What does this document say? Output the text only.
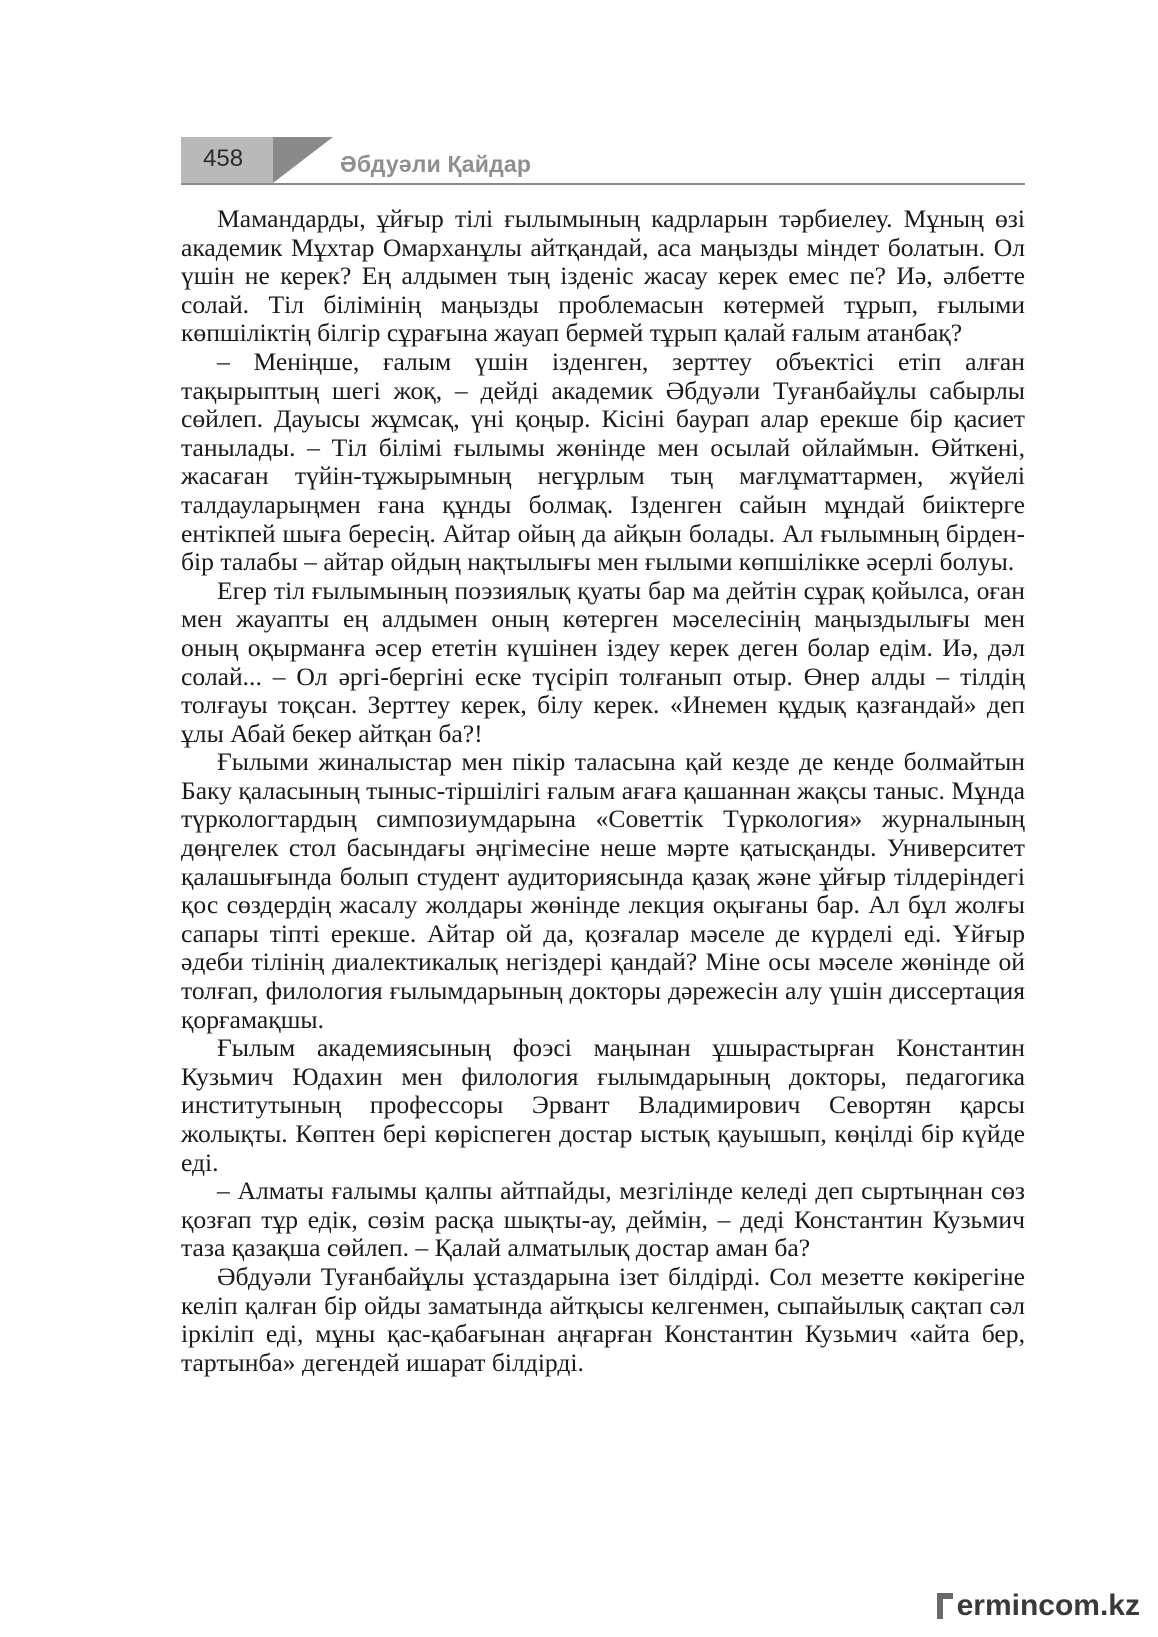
458	Әбдуәли Қайдар

Мамандарды, ұйғыр тілі ғылымының кадрларын тәрбиелеу. Мұның өзі академик Мұхтар Омарханұлы айтқандай, аса маңызды міндет болатын. Ол үшін не керек? Ең алдымен тың ізденіс жасау керек емес пе? Иә, әлбетте солай. Тіл білімінің маңызды проблемасын көтермей тұрып, ғылыми көпшіліктің білгір сұрағына жауап бермей тұрып қалай ғалым атанбақ?

– Меніңше, ғалым үшін ізденген, зерттеу объектісі етіп алған тақырыптың шегі жоқ, – дейді академик Әбдуәли Туғанбайұлы сабырлы сөйлеп. Дауысы жұмсақ, үні қоңыр. Кісіні баурап алар ерекше бір қасиет танылады. – Тіл білімі ғылымы жөнінде мен осылай ойлаймын. Өйткені, жасаған түйін-тұжырымның негұрлым тың мағлұматтармен, жүйелі талдауларыңмен ғана құнды болмақ. Ізденген сайын мұндай биіктерге ентікпей шыға бересің. Айтар ойың да айқын болады. Ал ғылымның бірден-бір талабы – айтар ойдың нақтылығы мен ғылыми көпшілікке әсерлі болуы.

Егер тіл ғылымының поэзиялық қуаты бар ма дейтін сұрақ қойылса, оған мен жауапты ең алдымен оның көтерген мәселесінің маңыздылығы мен оның оқырманға әсер ететін күшінен іздеу керек деген болар едім. Иә, дәл солай... – Ол әргі-бергіні еске түсіріп толғанып отыр. Өнер алды – тілдің толғауы тоқсан. Зерттеу керек, білу керек. «Инемен құдық қазғандай» деп ұлы Абай бекер айтқан ба?!

Ғылыми жиналыстар мен пікір таласына қай кезде де кенде болмайтын Баку қаласының тыныс-тіршілігі ғалым ағаға қашаннан жақсы таныс. Мұнда түркологтардың симпозиумдарына «Советтік Түркология» журналының дөңгелек стол басындағы әңгімесіне неше мәрте қатысқанды. Университет қалашығында болып студент аудиториясында қазақ және ұйғыр тілдеріндегі қос сөздердің жасалу жолдары жөнінде лекция оқығаны бар. Ал бұл жолғы сапары тіпті ерекше. Айтар ой да, қозғалар мәселе де күрделі еді. Ұйғыр әдеби тілінің диалектикалық негіздері қандай? Міне осы мәселе жөнінде ой толғап, филология ғылымдарының докторы дәрежесін алу үшін диссертация қорғамақшы.

Ғылым академиясының фоэсі маңынан ұшырастырған Константин Кузьмич Юдахин мен филология ғылымдарының докторы, педагогика институтының профессоры Эрвант Владимирович Севортян қарсы жолықты. Көптен бері көріспеген достар ыстық қауышып, көңілді бір күйде еді.

– Алматы ғалымы қалпы айтпайды, мезгілінде келеді деп сыртыңнан сөз қозғап тұр едік, сөзім расқа шықты-ау, деймін, – деді Константин Кузьмич таза қазақша сөйлеп. – Қалай алматылық достар аман ба?

Әбдуәли Туғанбайұлы ұстаздарына ізет білдірді. Сол мезетте көкірегіне келіп қалған бір ойды заматында айтқысы келгенмен, сыпайылық сақтап сәл іркіліп еді, мұны қас-қабағынан аңғарған Константин Кузьмич «айта бер, тартынба» дегендей ишарат білдірді.

ermincom.kz
